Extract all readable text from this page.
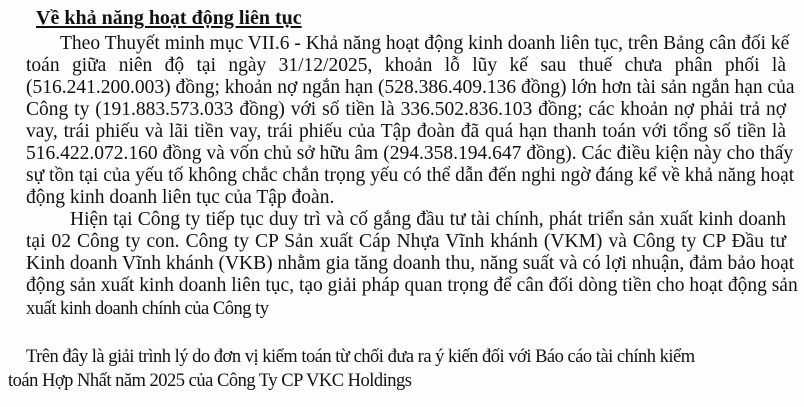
Về khả năng hoạt động liên tục
Theo Thuyết minh mục VII.6 - Khả năng hoạt động kinh doanh liên tục, trên Bảng cân đối kế
toán giữa niên độ tại ngày 31/12/2025, khoản lỗ lũy kế sau thuế chưa phân phối là
(516.241.200.003) đồng; khoản nợ ngắn hạn (528.386.409.136 đồng) lớn hơn tài sản ngắn hạn của
Công ty (191.883.573.033 đồng) với số tiền là 336.502.836.103 đồng; các khoản nợ phải trả nợ
vay, trái phiếu và lãi tiền vay, trái phiếu của Tập đoàn đã quá hạn thanh toán với tổng số tiền là
516.422.072.160 đồng và vốn chủ sở hữu âm (294.358.194.647 đồng). Các điều kiện này cho thấy
sự tồn tại của yếu tố không chắc chắn trọng yếu có thể dẫn đến nghi ngờ đáng kể về khả năng hoạt
động kinh doanh liên tục của Tập đoàn.
Hiện tại Công ty tiếp tục duy trì và cố gắng đầu tư tài chính, phát triển sản xuất kinh doanh
tại 02 Công ty con. Công ty CP Sản xuất Cáp Nhựa Vĩnh khánh (VKM) và Công ty CP Đầu tư
Kinh doanh Vĩnh khánh (VKB) nhằm gia tăng doanh thu, năng suất và có lợi nhuận, đảm bảo hoạt
động sản xuất kinh doanh liên tục, tạo giải pháp quan trọng để cân đối dòng tiền cho hoạt động sản
xuất kinh doanh chính của Công ty
Trên đây là giải trình lý do đơn vị kiểm toán từ chối đưa ra ý kiến đối với Báo cáo tài chính kiểm
toán Hợp Nhất năm 2025 của Công Ty CP VKC Holdings
